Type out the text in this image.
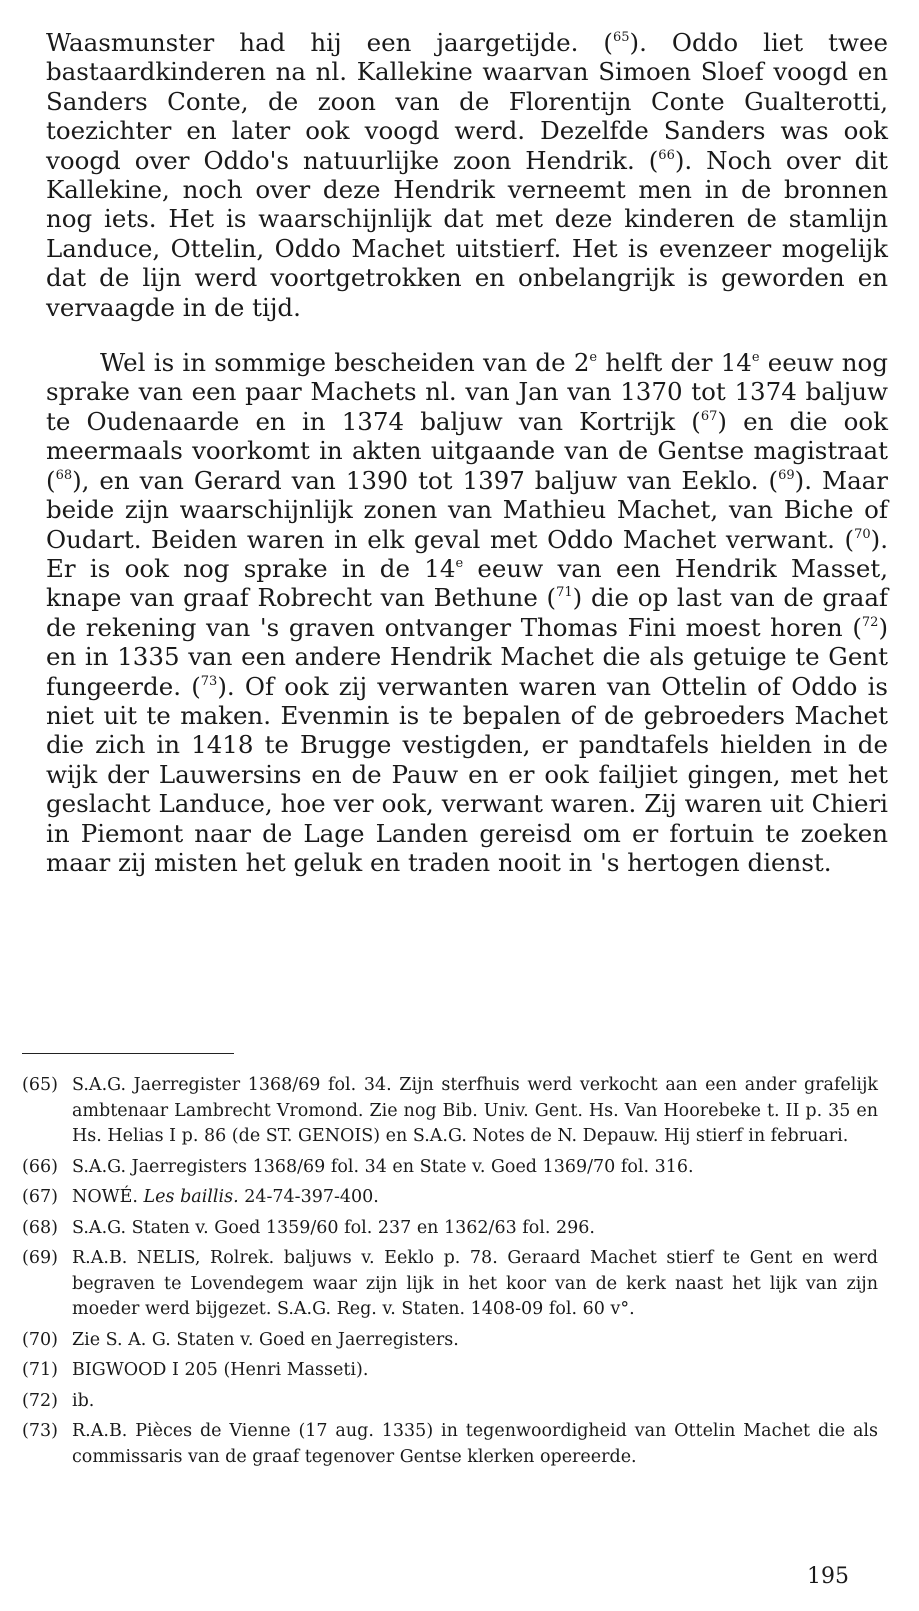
Waasmunster had hij een jaargetijde. ($^{65}$). Oddo liet twee bastaardkinderen na nl. Kallekine waarvan Simoen Sloef voogd en Sanders Conte, de zoon van de Florentijn Conte Gualterotti, toezichter en later ook voogd werd. Dezelfde Sanders was ook voogd over Oddo's natuurlijke zoon Hendrik. ($^{66}$). Noch over dit Kallekine, noch over deze Hendrik verneemt men in de bronnen nog iets. Het is waarschijnlijk dat met deze kinderen de stamlijn Landuce, Ottelin, Oddo Machet uitstierf. Het is evenzeer mogelijk dat de lijn werd voortgetrokken en onbelangrijk is geworden en vervaagde in de tijd.

Wel is in sommige bescheiden van de 2e helft der 14e eeuw nog sprake van een paar Machets nl. van Jan van 1370 tot 1374 baljuw te Oudenaarde en in 1374 baljuw van Kortrijk ($^{67}$) en die ook meermaals voorkomt in akten uitgaande van de Gentse magistraat ($^{68}$), en van Gerard van 1390 tot 1397 baljuw van Eeklo. ($^{69}$). Maar beide zijn waarschijnlijk zonen van Mathieu Machet, van Biche of Oudart. Beiden waren in elk geval met Oddo Machet verwant. ($^{70}$). Er is ook nog sprake in de 14e eeuw van een Hendrik Masset, knape van graaf Robrecht van Bethune ($^{71}$) die op last van de graaf de rekening van 's graven ontvanger Thomas Fini moest horen ($^{72}$) en in 1335 van een andere Hendrik Machet die als getuige te Gent fungeerde. ($^{73}$). Of ook zij verwanten waren van Ottelin of Oddo is niet uit te maken. Evenmin is te bepalen of de gebroeders Machet die zich in 1418 te Brugge vestigden, er pandtafels hielden in de wijk der Lauwersins en de Pauw en er ook failjiet gingen, met het geslacht Landuce, hoe ver ook, verwant waren. Zij waren uit Chieri in Piemont naar de Lage Landen gereisd om er fortuin te zoeken maar zij misten het geluk en traden nooit in 's hertogen dienst.

(65) S.A.G. Jaerregister 1368/69 fol. 34. Zijn sterfhuis werd verkocht aan een ander grafelijk ambtenaar Lambrecht Vromond. Zie nog Bib. Univ. Gent. Hs. Van Hoorebeke t. II p. 35 en Hs. Helias I p. 86 (de ST. GENOIS) en S.A.G. Notes de N. Depauw. Hij stierf in februari.
(66) S.A.G. Jaerregisters 1368/69 fol. 34 en State v. Goed 1369/70 fol. 316.
(67) NOWÉ. Les baillis. 24-74-397-400.
(68) S.A.G. Staten v. Goed 1359/60 fol. 237 en 1362/63 fol. 296.
(69) R.A.B. NELIS, Rolrek. baljuws v. Eeklo p. 78. Geraard Machet stierf te Gent en werd begraven te Lovendegem waar zijn lijk in het koor van de kerk naast het lijk van zijn moeder werd bijgezet. S.A.G. Reg. v. Staten. 1408-09 fol. 60 v°.
(70) Zie S. A. G. Staten v. Goed en Jaerregisters.
(71) BIGWOOD I 205 (Henri Masseti).
(72) ib.
(73) R.A.B. Pièces de Vienne (17 aug. 1335) in tegenwoordigheid van Ottelin Machet die als commissaris van de graaf tegenover Gentse klerken opereerde.
195
